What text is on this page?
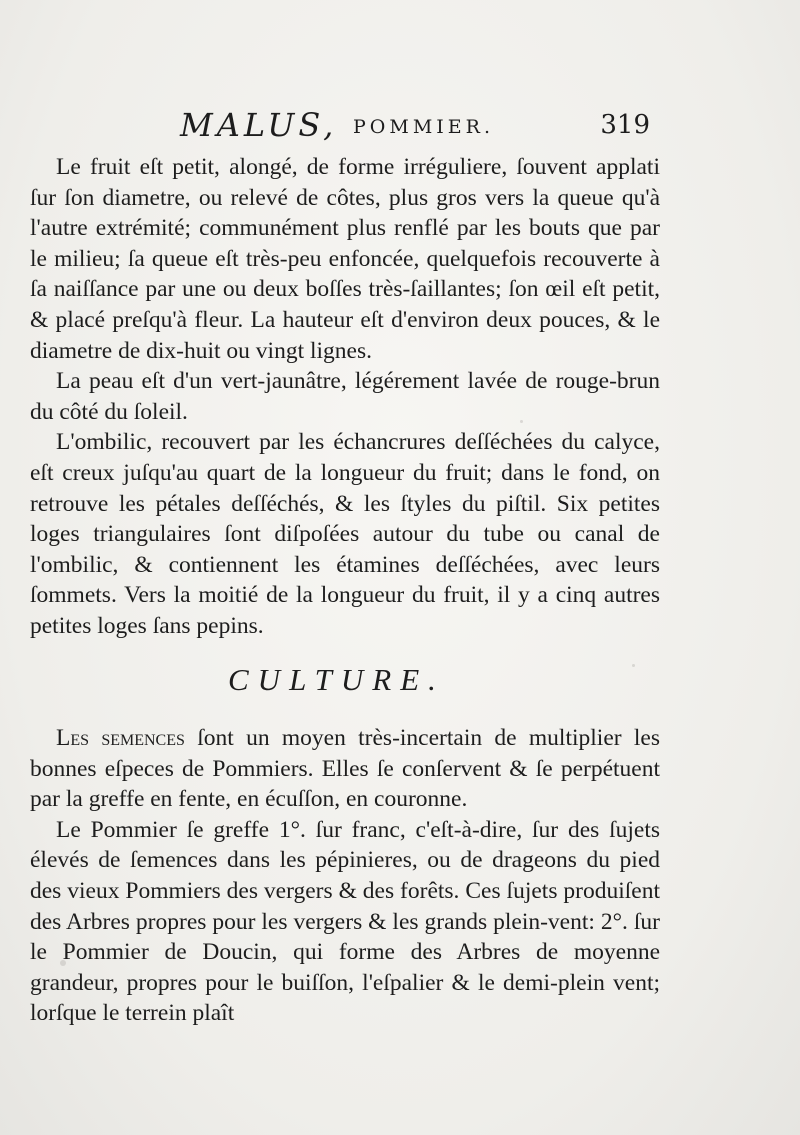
MALUS, POMMIER.	319

Le fruit eſt petit, alongé, de forme irréguliere, ſouvent applati ſur ſon diametre, ou relevé de côtes, plus gros vers la queue qu'à l'autre extrémité; communément plus renflé par les bouts que par le milieu; ſa queue eſt très-peu enfoncée, quelquefois recouverte à ſa naiſſance par une ou deux boſſes très-ſaillantes; ſon œil eſt petit, & placé preſqu'à fleur. La hauteur eſt d'environ deux pouces, & le diametre de dix-huit ou vingt lignes.

La peau eſt d'un vert-jaunâtre, légérement lavée de rouge-brun du côté du ſoleil.

L'ombilic, recouvert par les échancrures deſſéchées du calyce, eſt creux juſqu'au quart de la longueur du fruit; dans le fond, on retrouve les pétales deſſéchés, & les ſtyles du piſtil. Six petites loges triangulaires ſont diſpoſées autour du tube ou canal de l'ombilic, & contiennent les étamines deſſéchées, avec leurs ſommets. Vers la moitié de la longueur du fruit, il y a cinq autres petites loges ſans pepins.

CULTURE.

Les semences ſont un moyen très-incertain de multiplier les bonnes eſpeces de Pommiers. Elles ſe conſervent & ſe perpétuent par la greffe en fente, en écuſſon, en couronne.

Le Pommier ſe greffe 1°. ſur franc, c'eſt-à-dire, ſur des ſujets élevés de ſemences dans les pépinieres, ou de drageons du pied des vieux Pommiers des vergers & des forêts. Ces ſujets produiſent des Arbres propres pour les vergers & les grands plein-vent: 2°. ſur le Pommier de Doucin, qui forme des Arbres de moyenne grandeur, propres pour le buiſſon, l'eſpalier & le demi-plein vent; lorſque le terrein plaît
